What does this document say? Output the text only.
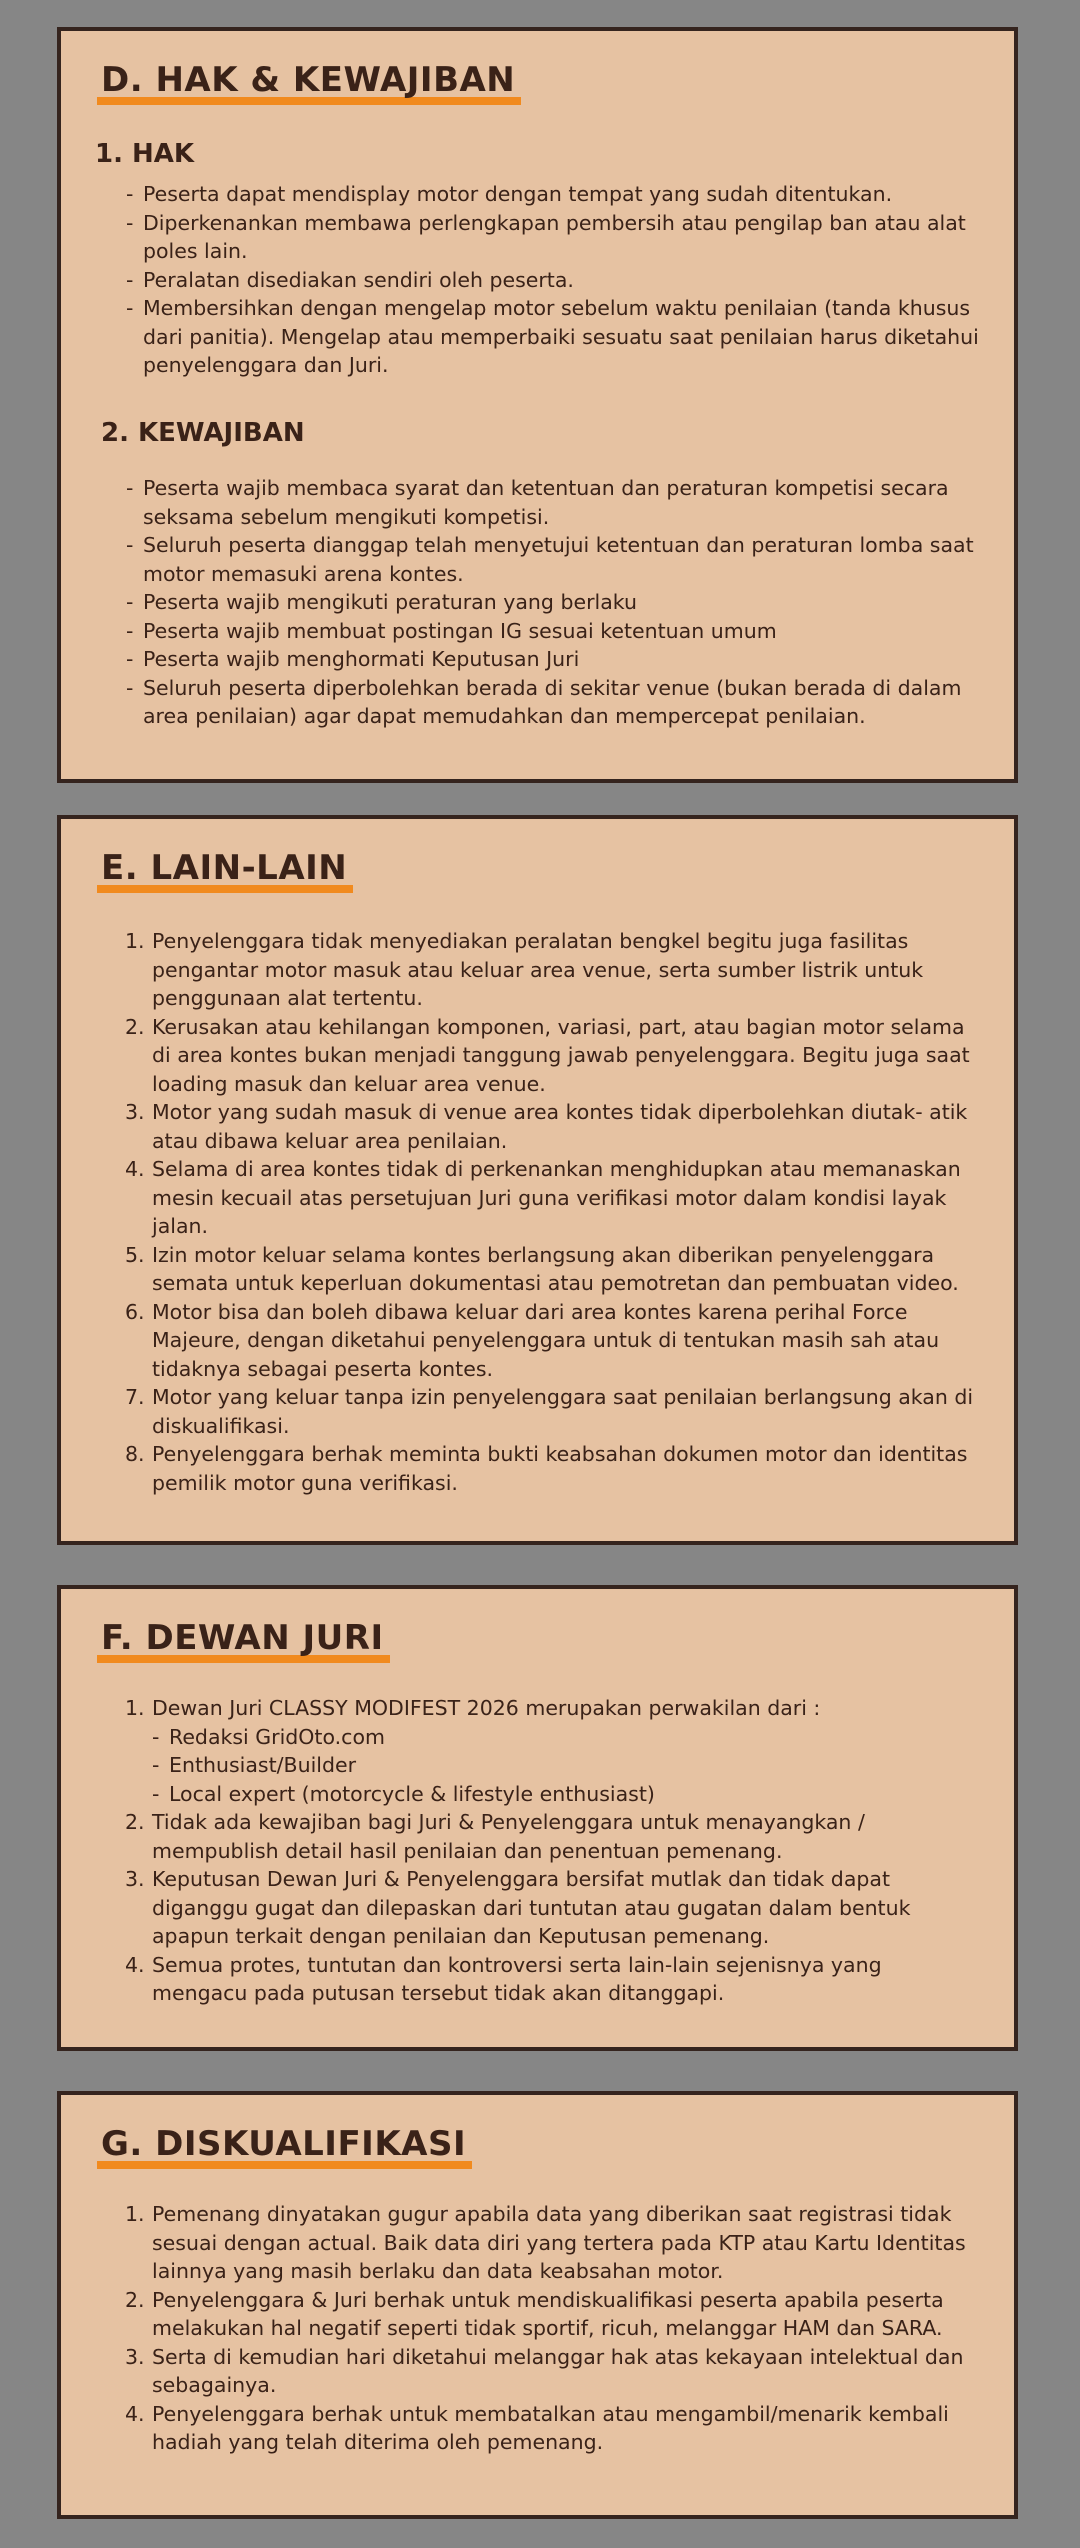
D. HAK & KEWAJIBAN
1. HAK
- Peserta dapat mendisplay motor dengan tempat yang sudah ditentukan.
- Diperkenankan membawa perlengkapan pembersih atau pengilap ban atau alat poles lain.
- Peralatan disediakan sendiri oleh peserta.
- Membersihkan dengan mengelap motor sebelum waktu penilaian (tanda khusus dari panitia). Mengelap atau memperbaiki sesuatu saat penilaian harus diketahui penyelenggara dan Juri.
2. KEWAJIBAN
- Peserta wajib membaca syarat dan ketentuan dan peraturan kompetisi secara seksama sebelum mengikuti kompetisi.
- Seluruh peserta dianggap telah menyetujui ketentuan dan peraturan lomba saat motor memasuki arena kontes.
- Peserta wajib mengikuti peraturan yang berlaku
- Peserta wajib membuat postingan IG sesuai ketentuan umum
- Peserta wajib menghormati Keputusan Juri
- Seluruh peserta diperbolehkan berada di sekitar venue (bukan berada di dalam area penilaian) agar dapat memudahkan dan mempercepat penilaian.
E. LAIN-LAIN
1. Penyelenggara tidak menyediakan peralatan bengkel begitu juga fasilitas pengantar motor masuk atau keluar area venue, serta sumber listrik untuk penggunaan alat tertentu.
2. Kerusakan atau kehilangan komponen, variasi, part, atau bagian motor selama di area kontes bukan menjadi tanggung jawab penyelenggara. Begitu juga saat loading masuk dan keluar area venue.
3. Motor yang sudah masuk di venue area kontes tidak diperbolehkan diutak- atik atau dibawa keluar area penilaian.
4. Selama di area kontes tidak di perkenankan menghidupkan atau memanaskan mesin kecuail atas persetujuan Juri guna verifikasi motor dalam kondisi layak jalan.
5. Izin motor keluar selama kontes berlangsung akan diberikan penyelenggara semata untuk keperluan dokumentasi atau pemotretan dan pembuatan video.
6. Motor bisa dan boleh dibawa keluar dari area kontes karena perihal Force Majeure, dengan diketahui penyelenggara untuk di tentukan masih sah atau tidaknya sebagai peserta kontes.
7. Motor yang keluar tanpa izin penyelenggara saat penilaian berlangsung akan di diskualifikasi.
8. Penyelenggara berhak meminta bukti keabsahan dokumen motor dan identitas pemilik motor guna verifikasi.
F. DEWAN JURI
1. Dewan Juri CLASSY MODIFEST 2026 merupakan perwakilan dari :
- Redaksi GridOto.com
- Enthusiast/Builder
- Local expert (motorcycle & lifestyle enthusiast)
2. Tidak ada kewajiban bagi Juri & Penyelenggara untuk menayangkan / mempublish detail hasil penilaian dan penentuan pemenang.
3. Keputusan Dewan Juri & Penyelenggara bersifat mutlak dan tidak dapat diganggu gugat dan dilepaskan dari tuntutan atau gugatan dalam bentuk apapun terkait dengan penilaian dan Keputusan pemenang.
4. Semua protes, tuntutan dan kontroversi serta lain-lain sejenisnya yang mengacu pada putusan tersebut tidak akan ditanggapi.
G. DISKUALIFIKASI
1. Pemenang dinyatakan gugur apabila data yang diberikan saat registrasi tidak sesuai dengan actual. Baik data diri yang tertera pada KTP atau Kartu Identitas lainnya yang masih berlaku dan data keabsahan motor.
2. Penyelenggara & Juri berhak untuk mendiskualifikasi peserta apabila peserta melakukan hal negatif seperti tidak sportif, ricuh, melanggar HAM dan SARA.
3. Serta di kemudian hari diketahui melanggar hak atas kekayaan intelektual dan sebagainya.
4. Penyelenggara berhak untuk membatalkan atau mengambil/menarik kembali hadiah yang telah diterima oleh pemenang.
